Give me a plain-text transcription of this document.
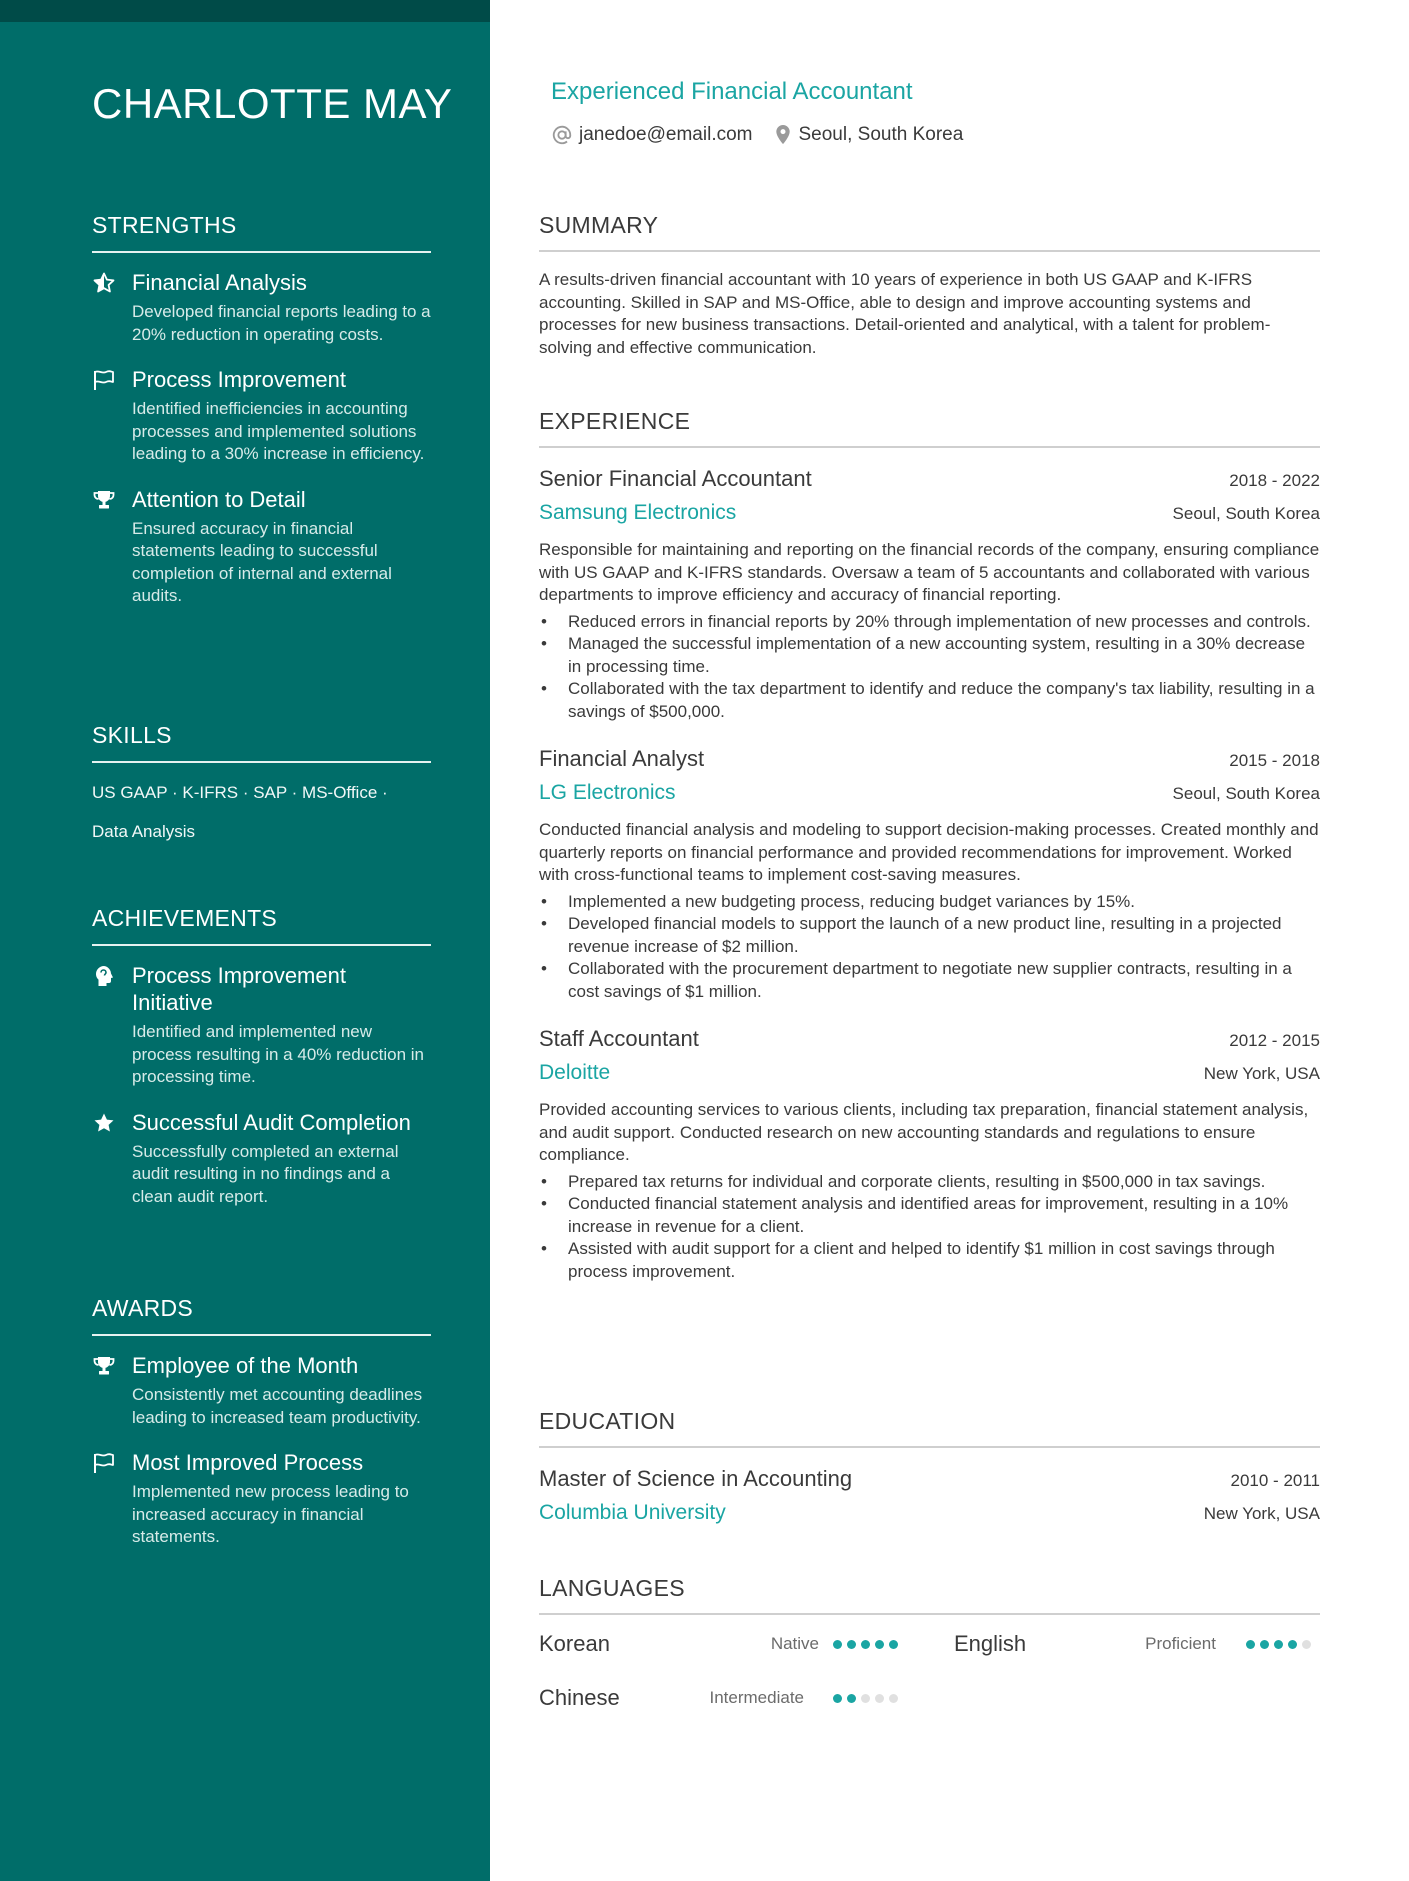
CHARLOTTE MAY
STRENGTHS
Financial Analysis
Developed financial reports leading to a 20% reduction in operating costs.
Process Improvement
Identified inefficiencies in accounting processes and implemented solutions leading to a 30% increase in efficiency.
Attention to Detail
Ensured accuracy in financial statements leading to successful completion of internal and external audits.
SKILLS
US GAAP · K-IFRS · SAP · MS-Office ·
Data Analysis
ACHIEVEMENTS
Process Improvement Initiative
Identified and implemented new process resulting in a 40% reduction in processing time.
Successful Audit Completion
Successfully completed an external audit resulting in no findings and a clean audit report.
AWARDS
Employee of the Month
Consistently met accounting deadlines leading to increased team productivity.
Most Improved Process
Implemented new process leading to increased accuracy in financial statements.
Experienced Financial Accountant
janedoe@email.com Seoul, South Korea
SUMMARY
A results-driven financial accountant with 10 years of experience in both US GAAP and K-IFRS accounting. Skilled in SAP and MS-Office, able to design and improve accounting systems and processes for new business transactions. Detail-oriented and analytical, with a talent for problem-solving and effective communication.
EXPERIENCE
Senior Financial Accountant	2018 - 2022
Samsung Electronics	Seoul, South Korea
Responsible for maintaining and reporting on the financial records of the company, ensuring compliance with US GAAP and K-IFRS standards. Oversaw a team of 5 accountants and collaborated with various departments to improve efficiency and accuracy of financial reporting.
• Reduced errors in financial reports by 20% through implementation of new processes and controls.
• Managed the successful implementation of a new accounting system, resulting in a 30% decrease in processing time.
• Collaborated with the tax department to identify and reduce the company's tax liability, resulting in a savings of $500,000.
Financial Analyst	2015 - 2018
LG Electronics	Seoul, South Korea
Conducted financial analysis and modeling to support decision-making processes. Created monthly and quarterly reports on financial performance and provided recommendations for improvement. Worked with cross-functional teams to implement cost-saving measures.
• Implemented a new budgeting process, reducing budget variances by 15%.
• Developed financial models to support the launch of a new product line, resulting in a projected revenue increase of $2 million.
• Collaborated with the procurement department to negotiate new supplier contracts, resulting in a cost savings of $1 million.
Staff Accountant	2012 - 2015
Deloitte	New York, USA
Provided accounting services to various clients, including tax preparation, financial statement analysis, and audit support. Conducted research on new accounting standards and regulations to ensure compliance.
• Prepared tax returns for individual and corporate clients, resulting in $500,000 in tax savings.
• Conducted financial statement analysis and identified areas for improvement, resulting in a 10% increase in revenue for a client.
• Assisted with audit support for a client and helped to identify $1 million in cost savings through process improvement.
EDUCATION
Master of Science in Accounting	2010 - 2011
Columbia University	New York, USA
LANGUAGES
Korean	Native	English	Proficient
Chinese	Intermediate
